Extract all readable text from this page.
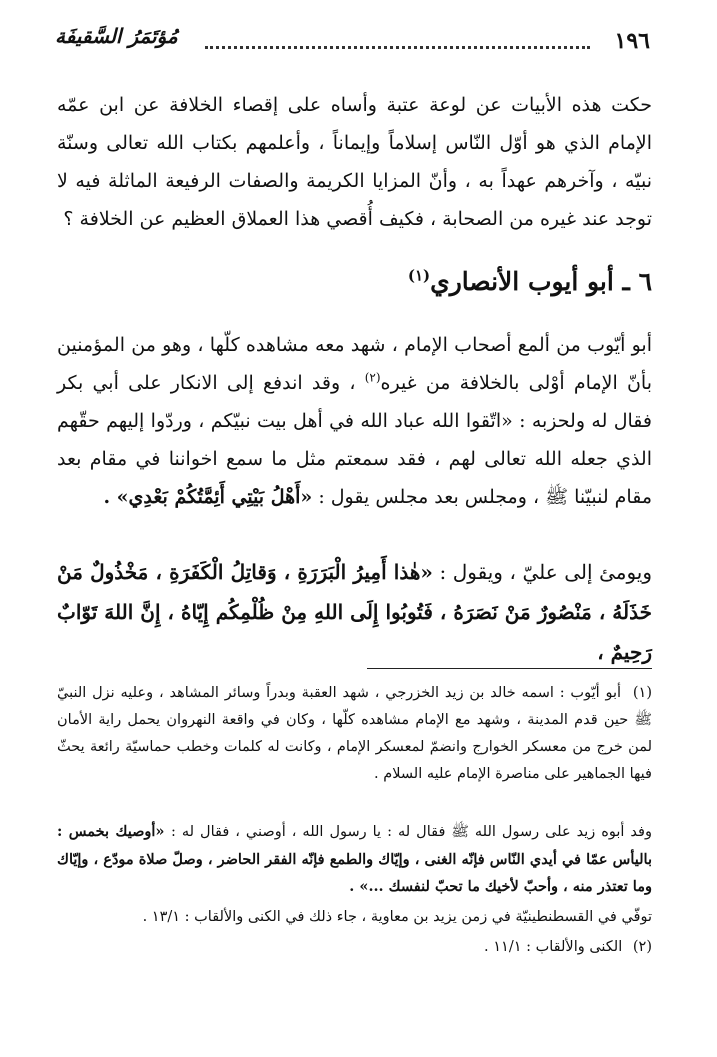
١٩٦
مُؤتَمَرُ السَّقيفَة

حكت هذه الأبيات عن لوعة عتبة وأساه على إقصاء الخلافة عن ابن عمّه الإمام الذي هو أوّل النّاس إسلاماً وإيماناً ، وأعلمهم بكتاب الله تعالى وسنّة نبيّه ، وآخرهم عهداً به ، وأنّ المزايا الكريمة والصفات الرفيعة الماثلة فيه لا توجد عند غيره من الصحابة ، فكيف أُقصي هذا العملاق العظيم عن الخلافة ؟

٦ ـ أبو أيوب الأنصاري$^{(١)}$

أبو أيّوب من ألمع أصحاب الإمام ، شهد معه مشاهده كلّها ، وهو من المؤمنين بأنّ الإمام أوْلى بالخلافة من غيره$^{(٢)}$ ، وقد اندفع إلى الانكار على أبي بكر فقال له ولحزبه : «اتّقوا الله عباد الله في أهل بيت نبيّكم ، وردّوا إليهم حقّهم الذي جعله الله تعالى لهم ، فقد سمعتم مثل ما سمع اخواننا في مقام بعد مقام لنبيّنا ﷺ ، ومجلس بعد مجلس يقول : «أَهْلُ بَيْتِي أَئِمَّتُكُمْ بَعْدِي» .

ويومئ إلى عليّ ، ويقول : «هٰذا أَمِيرُ الْبَرَرَةِ ، وَقاتِلُ الْكَفَرَةِ ، مَخْذُولٌ مَنْ خَذَلَهُ ، مَنْصُورٌ مَنْ نَصَرَهُ ، فَتُوبُوا إِلَى اللهِ مِنْ ظُلْمِكُم إِيّاهُ ، إِنَّ اللهَ تَوّابٌ رَحِيمٌ ،

(١) أبو أيّوب : اسمه خالد بن زيد الخزرجي ، شهد العقبة وبدراً وسائر المشاهد ، وعليه نزل النبيّ ﷺ حين قدم المدينة ، وشهد مع الإمام مشاهده كلّها ، وكان في واقعة النهروان يحمل راية الأمان لمن خرج من معسكر الخوارج وانضمّ لمعسكر الإمام ، وكانت له كلمات وخطب حماسيّة رائعة يحثّ فيها الجماهير على مناصرة الإمام عليه السلام .

وفد أبوه زيد على رسول الله ﷺ فقال له : يا رسول الله ، أوصني ، فقال له : «أوصيك بخمس : باليأس عمّا في أيدي النّاس فإنّه الغنى ، وإيّاك والطمع فإنّه الفقر الحاضر ، وصلّ صلاة مودّع ، وإيّاك وما تعتذر منه ، وأحبّ لأخيك ما تحبّ لنفسك ...» .

توفّي في القسطنطينيّة في زمن يزيد بن معاوية ، جاء ذلك في الكنى والألقاب : ١٣/١ .

(٢) الكنى والألقاب : ١١/١ .
